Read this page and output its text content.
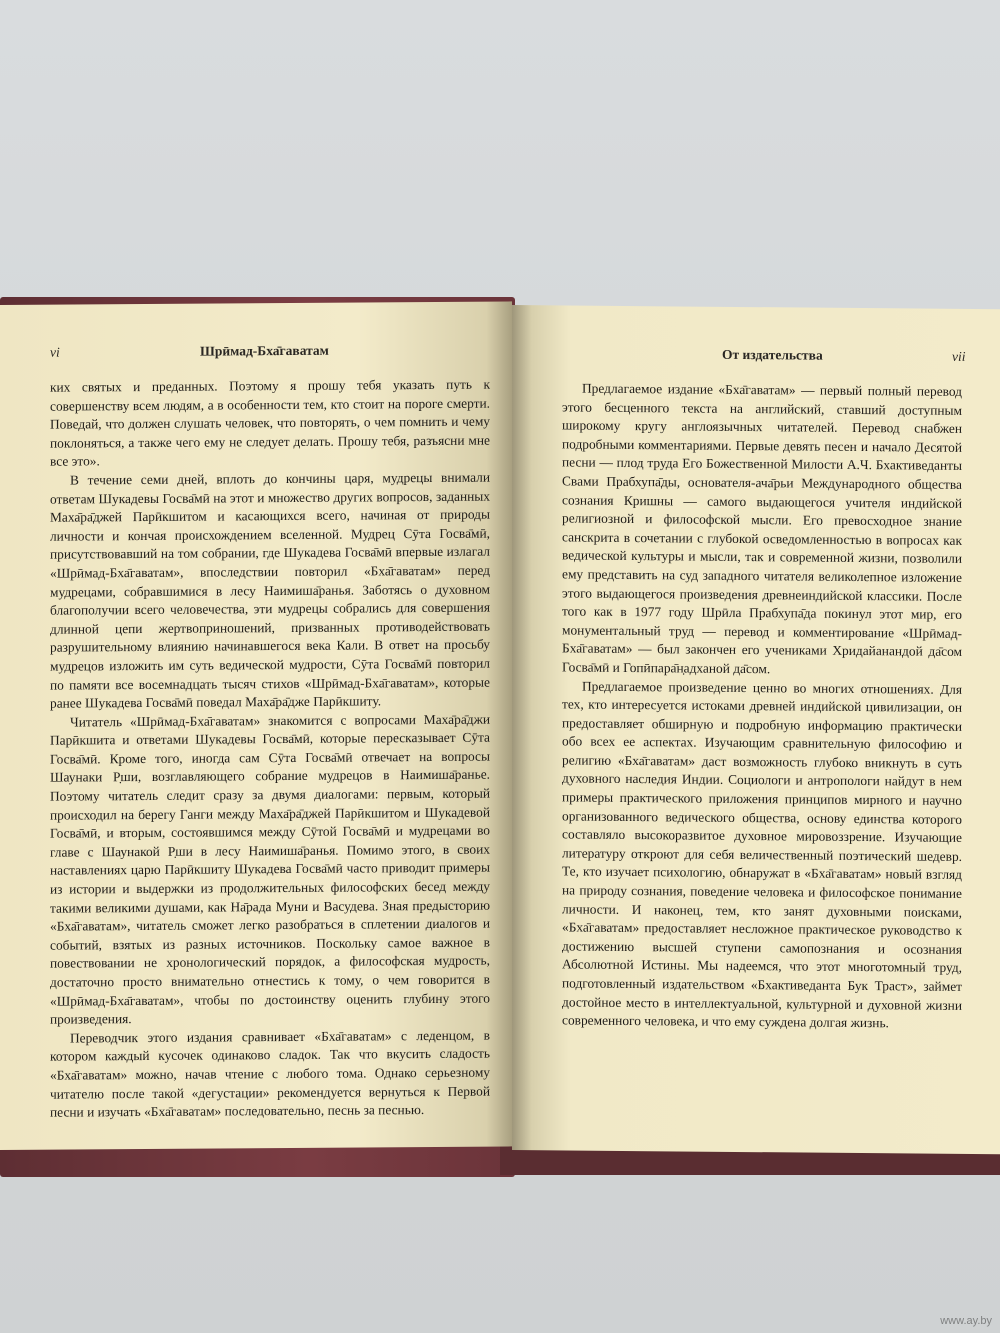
vi	Шрӣмад-Бха̄гаватам

ких святых и преданных. Поэтому я прошу тебя указать путь к совершенству всем людям, а в особенности тем, кто стоит на пороге смерти. Поведай, что должен слушать человек, что повторять, о чем помнить и чему поклоняться, а также чего ему не следует делать. Прошу тебя, разъясни мне все это».

В течение семи дней, вплоть до кончины царя, мудрецы внимали ответам Шукадевы Госва̄мӣ на этот и множество других вопросов, заданных Маха̄ра̄джей Парӣкшитом и касающихся всего, начиная от природы личности и кончая происхождением вселенной. Мудрец Сӯта Госва̄мӣ, присутствовавший на том собрании, где Шукадева Госва̄мӣ впервые излагал «Шрӣмад-Бха̄гаватам», впоследствии повторил «Бха̄гаватам» перед мудрецами, собравшимися в лесу Наимиша̄ранья. Заботясь о духовном благополучии всего человечества, эти мудрецы собрались для совершения длинной цепи жертвоприношений, призванных противодействовать разрушительному влиянию начинавшегося века Кали. В ответ на просьбу мудрецов изложить им суть ведической мудрости, Сӯта Госва̄мӣ повторил по памяти все восемнадцать тысяч стихов «Шрӣмад-Бха̄гаватам», которые ранее Шукадева Госва̄мӣ поведал Маха̄ра̄дже Парӣкшиту.

Читатель «Шрӣмад-Бха̄гаватам» знакомится с вопросами Маха̄ра̄джи Парӣкшита и ответами Шукадевы Госва̄мӣ, которые пересказывает Сӯта Госва̄мӣ. Кроме того, иногда сам Сӯта Госва̄мӣ отвечает на вопросы Шаунаки Р̣ши, возглавляющего собрание мудрецов в Наимиша̄ранье. Поэтому читатель следит сразу за двумя диалогами: первым, который происходил на берегу Ганги между Маха̄ра̄джей Парӣкшитом и Шукадевой Госва̄мӣ, и вторым, состоявшимся между Сӯтой Госва̄мӣ и мудрецами во главе с Шаунакой Р̣ши в лесу Наимиша̄ранья. Помимо этого, в своих наставлениях царю Парӣкшиту Шукадева Госва̄мӣ часто приводит примеры из истории и выдержки из продолжительных философских бесед между такими великими душами, как На̄рада Муни и Васудева. Зная предысторию «Бха̄гаватам», читатель сможет легко разобраться в сплетении диалогов и событий, взятых из разных источников. Поскольку самое важное в повествовании не хронологический порядок, а философская мудрость, достаточно просто внимательно отнестись к тому, о чем говорится в «Шрӣмад-Бха̄гаватам», чтобы по достоинству оценить глубину этого произведения.

Переводчик этого издания сравнивает «Бха̄гаватам» с леденцом, в котором каждый кусочек одинаково сладок. Так что вкусить сладость «Бха̄гаватам» можно, начав чтение с любого тома. Однако серьезному читателю после такой «дегустации» рекомендуется вернуться к Первой песни и изучать «Бха̄гаватам» последовательно, песнь за песнью.

От издательства	vii

Предлагаемое издание «Бха̄гаватам» — первый полный перевод этого бесценного текста на английский, ставший доступным широкому кругу англоязычных читателей. Перевод снабжен подробными комментариями. Первые девять песен и начало Десятой песни — плод труда Его Божественной Милости А.Ч. Бхактиведанты Свами Прабхупа̄ды, основателя-ача̄рьи Международного общества сознания Кришны — самого выдающегося учителя индийской религиозной и философской мысли. Его превосходное знание санскрита в сочетании с глубокой осведомленностью в вопросах как ведической культуры и мысли, так и современной жизни, позволили ему представить на суд западного читателя великолепное изложение этого выдающегося произведения древнеиндийской классики. После того как в 1977 году Шрӣла Прабхупа̄да покинул этот мир, его монументальный труд — перевод и комментирование «Шрӣмад-Бха̄гаватам» — был закончен его учениками Хридайанандой да̄сом Госва̄мӣ и Гопӣпара̄н̣адханой да̄сом.

Предлагаемое произведение ценно во многих отношениях. Для тех, кто интересуется истоками древней индийской цивилизации, он предоставляет обширную и подробную информацию практически обо всех ее аспектах. Изучающим сравнительную философию и религию «Бха̄гаватам» даст возможность глубоко вникнуть в суть духовного наследия Индии. Социологи и антропологи найдут в нем примеры практического приложения принципов мирного и научно организованного ведического общества, основу единства которого составляло высокоразвитое духовное мировоззрение. Изучающие литературу откроют для себя величественный поэтический шедевр. Те, кто изучает психологию, обнаружат в «Бха̄гаватам» новый взгляд на природу сознания, поведение человека и философское понимание личности. И наконец, тем, кто занят духовными поисками, «Бха̄гаватам» предоставляет несложное практическое руководство к достижению высшей ступени самопознания и осознания Абсолютной Истины. Мы надеемся, что этот многотомный труд, подготовленный издательством «Бхактиведанта Бук Траст», займет достойное место в интеллектуальной, культурной и духовной жизни современного человека, и что ему суждена долгая жизнь.

www.ay.by
